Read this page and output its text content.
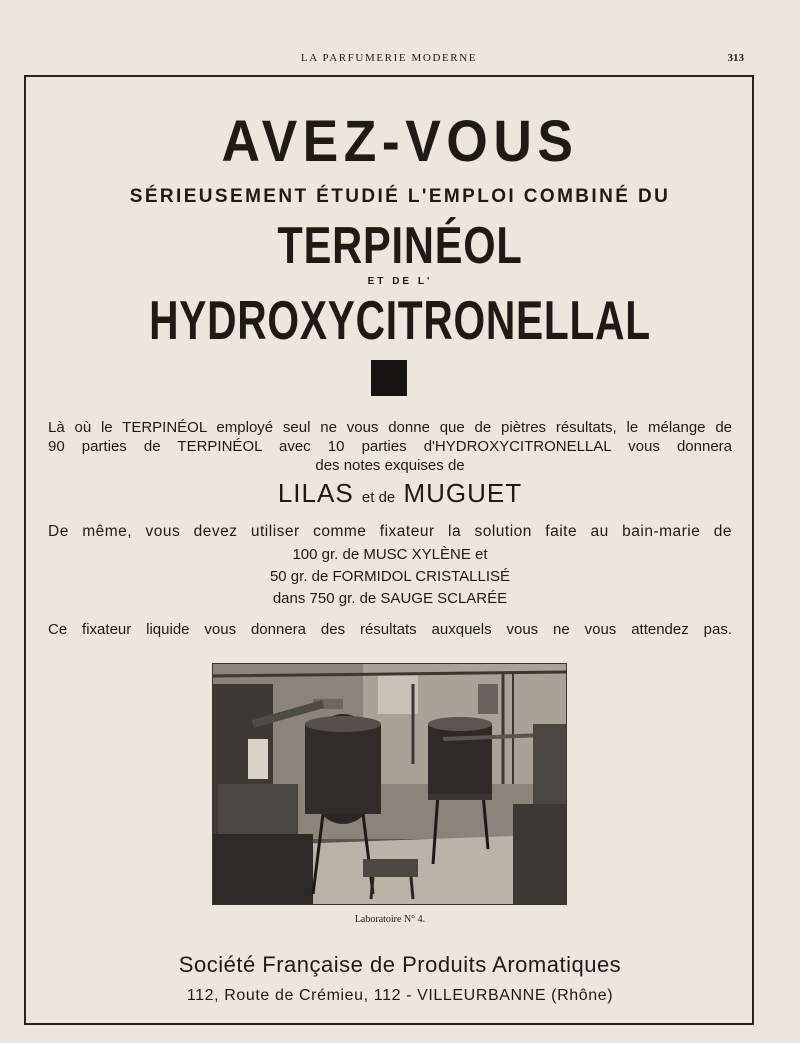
LA PARFUMERIE MODERNE	313
AVEZ-VOUS
SÉRIEUSEMENT ÉTUDIÉ L'EMPLOI COMBINÉ DU
TERPINÉOL
ET DE L'
HYDROXYCITRONELLAL
Là où le TERPINÉOL employé seul ne vous donne que de piètres résultats, le mélange de
90 parties de TERPINÉOL avec 10 parties d'HYDROXYCITRONELLAL vous donnera
des notes exquises de
LILAS et de MUGUET
De même, vous devez utiliser comme fixateur la solution faite au bain-marie de
100 gr. de MUSC XYLÈNE et
50 gr. de FORMIDOL CRISTALLISÉ
dans 750 gr. de SAUGE SCLARÉE
Ce fixateur liquide vous donnera des résultats auxquels vous ne vous attendez pas.
Laboratoire N° 4.
Société Française de Produits Aromatiques
112, Route de Crémieu, 112 - VILLEURBANNE (Rhône)
